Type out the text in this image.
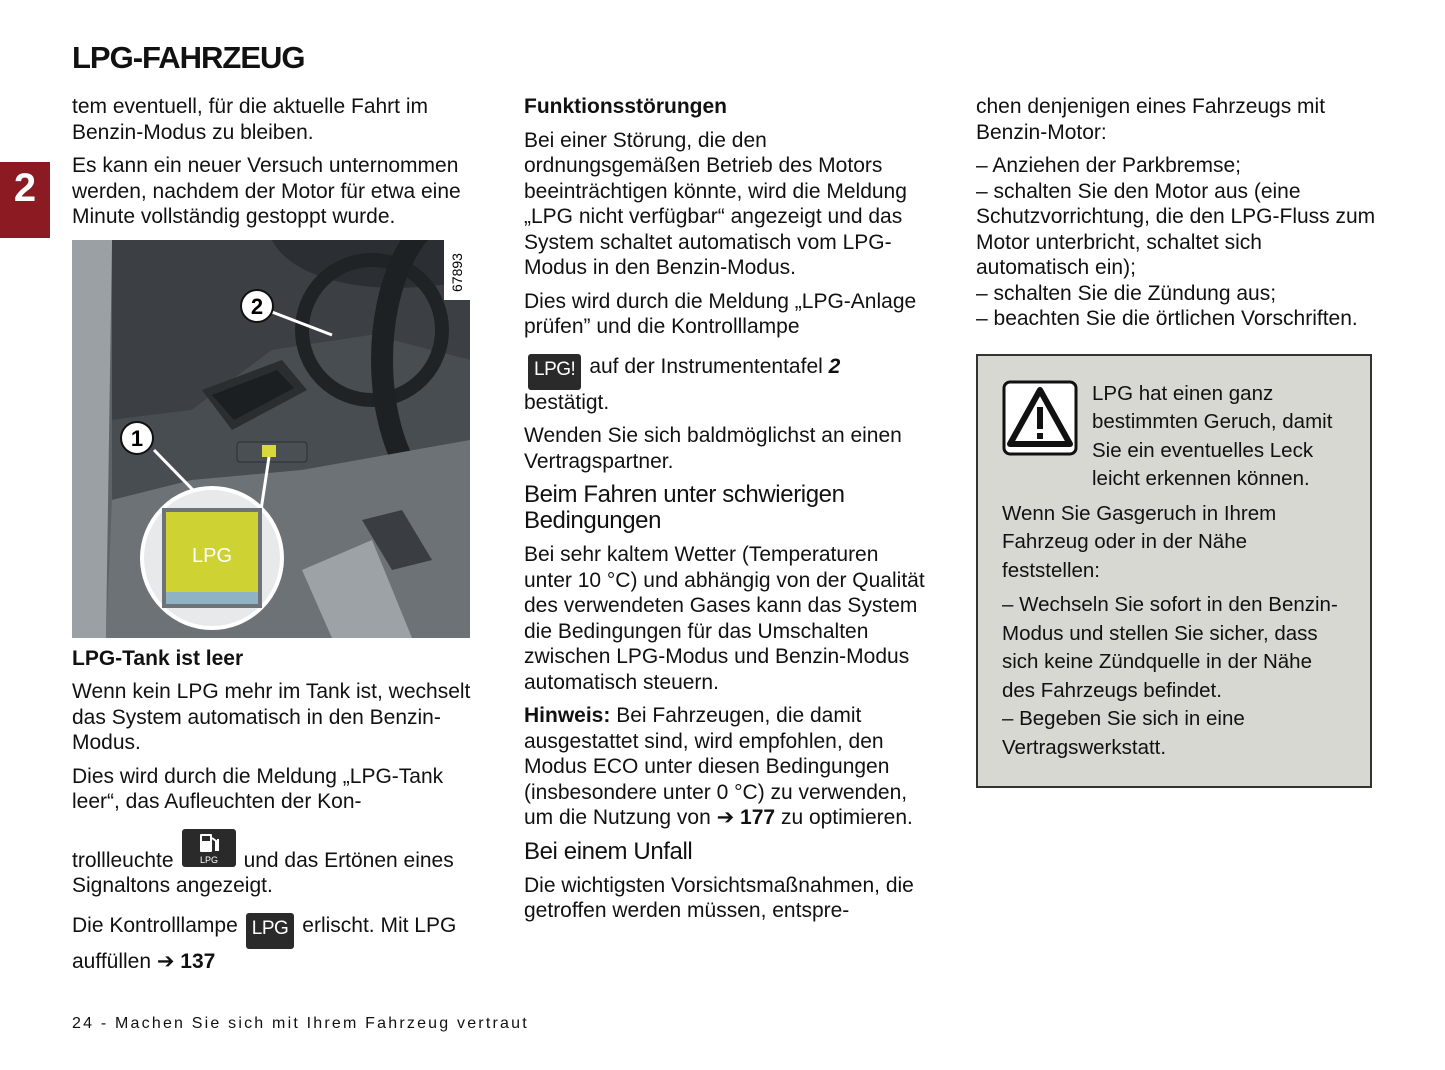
LPG-FAHRZEUG
2

tem eventuell, für die aktuelle Fahrt im Benzin-Modus zu bleiben.

Es kann ein neuer Versuch unternommen werden, nachdem der Motor für etwa eine Minute vollständig gestoppt wurde.

LPG
1
2
67893

LPG-Tank ist leer

Wenn kein LPG mehr im Tank ist, wechselt das System automatisch in den Benzin-Modus.

Dies wird durch die Meldung „LPG-Tank leer“, das Aufleuchten der Kon-

trollleuchte	LPG und das Ertönen eines Signaltons angezeigt.

Die Kontrolllampe LPG erlischt. Mit LPG auffüllen ➔ 137

Funktionsstörungen

Bei einer Störung, die den ordnungsgemäßen Betrieb des Motors beeinträchtigen könnte, wird die Meldung „LPG nicht verfügbar“ angezeigt und das System schaltet automatisch vom LPG-Modus in den Benzin-Modus.

Dies wird durch die Meldung „LPG-Anlage prüfen” und die Kontrolllampe

LPG! auf der Instrumententafel 2 bestätigt.

Wenden Sie sich baldmöglichst an einen Vertragspartner.

Beim Fahren unter schwierigen Bedingungen

Bei sehr kaltem Wetter (Temperaturen unter 10 °C) und abhängig von der Qualität des verwendeten Gases kann das System die Bedingungen für das Umschalten zwischen LPG-Modus und Benzin-Modus automatisch steuern.

Hinweis: Bei Fahrzeugen, die damit ausgestattet sind, wird empfohlen, den Modus ECO unter diesen Bedingungen (insbesondere unter 0 °C) zu verwenden, um die Nutzung von ➔ 177 zu optimieren.

Bei einem Unfall

Die wichtigsten Vorsichtsmaßnahmen, die getroffen werden müssen, entspre-

chen denjenigen eines Fahrzeugs mit Benzin-Motor:

– Anziehen der Parkbremse;
– schalten Sie den Motor aus (eine Schutzvorrichtung, die den LPG-Fluss zum Motor unterbricht, schaltet sich automatisch ein);
– schalten Sie die Zündung aus;
– beachten Sie die örtlichen Vorschriften.

LPG hat einen ganz bestimmten Geruch, damit Sie ein eventuelles Leck leicht erkennen können.

Wenn Sie Gasgeruch in Ihrem Fahrzeug oder in der Nähe feststellen:

– Wechseln Sie sofort in den Benzin-Modus und stellen Sie sicher, dass sich keine Zündquelle in der Nähe des Fahrzeugs befindet.

– Begeben Sie sich in eine Vertragswerkstatt.

24 - Machen Sie sich mit Ihrem Fahrzeug vertraut
